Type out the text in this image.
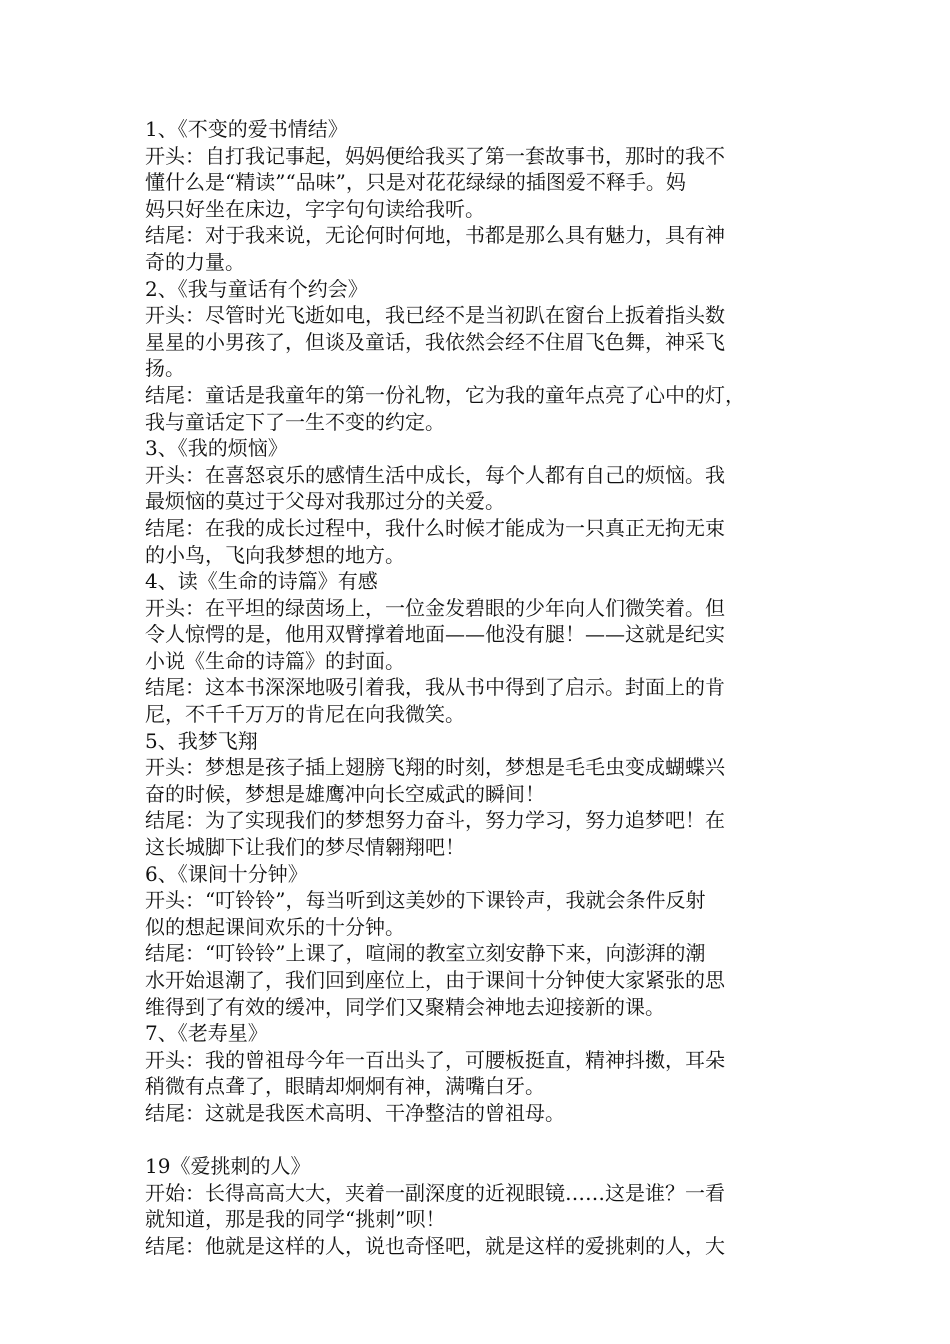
1、《不变的爱书情结》
开头：自打我记事起，妈妈便给我买了第一套故事书，那时的我不
懂什么是“精读”“品味”，只是对花花绿绿的插图爱不释手。妈
妈只好坐在床边，字字句句读给我听。
结尾：对于我来说，无论何时何地，书都是那么具有魅力，具有神
奇的力量。
2、《我与童话有个约会》
开头：尽管时光飞逝如电，我已经不是当初趴在窗台上扳着指头数
星星的小男孩了，但谈及童话，我依然会经不住眉飞色舞，神采飞
扬。
结尾：童话是我童年的第一份礼物，它为我的童年点亮了心中的灯，
我与童话定下了一生不变的约定。
3、《我的烦恼》
开头：在喜怒哀乐的感情生活中成长，每个人都有自己的烦恼。我
最烦恼的莫过于父母对我那过分的关爱。
结尾：在我的成长过程中，我什么时候才能成为一只真正无拘无束
的小鸟，飞向我梦想的地方。
4、读《生命的诗篇》有感
开头：在平坦的绿茵场上，一位金发碧眼的少年向人们微笑着。但
令人惊愕的是，他用双臂撑着地面——他没有腿！——这就是纪实
小说《生命的诗篇》的封面。
结尾：这本书深深地吸引着我，我从书中得到了启示。封面上的肯
尼，不千千万万的肯尼在向我微笑。
5、我梦飞翔
开头：梦想是孩子插上翅膀飞翔的时刻，梦想是毛毛虫变成蝴蝶兴
奋的时候，梦想是雄鹰冲向长空威武的瞬间！
结尾：为了实现我们的梦想努力奋斗，努力学习，努力追梦吧！在
这长城脚下让我们的梦尽情翱翔吧！
6、《课间十分钟》
开头：“叮铃铃”，每当听到这美妙的下课铃声，我就会条件反射
似的想起课间欢乐的十分钟。
结尾：“叮铃铃”上课了，喧闹的教室立刻安静下来，向澎湃的潮
水开始退潮了，我们回到座位上，由于课间十分钟使大家紧张的思
维得到了有效的缓冲，同学们又聚精会神地去迎接新的课。
7、《老寿星》
开头：我的曾祖母今年一百出头了，可腰板挺直，精神抖擞，耳朵
稍微有点聋了，眼睛却炯炯有神，满嘴白牙。
结尾：这就是我医术高明、干净整洁的曾祖母。
19《爱挑刺的人》
开始：长得高高大大，夹着一副深度的近视眼镜……这是谁？一看
就知道，那是我的同学“挑刺”呗！
结尾：他就是这样的人，说也奇怪吧，就是这样的爱挑刺的人，大
